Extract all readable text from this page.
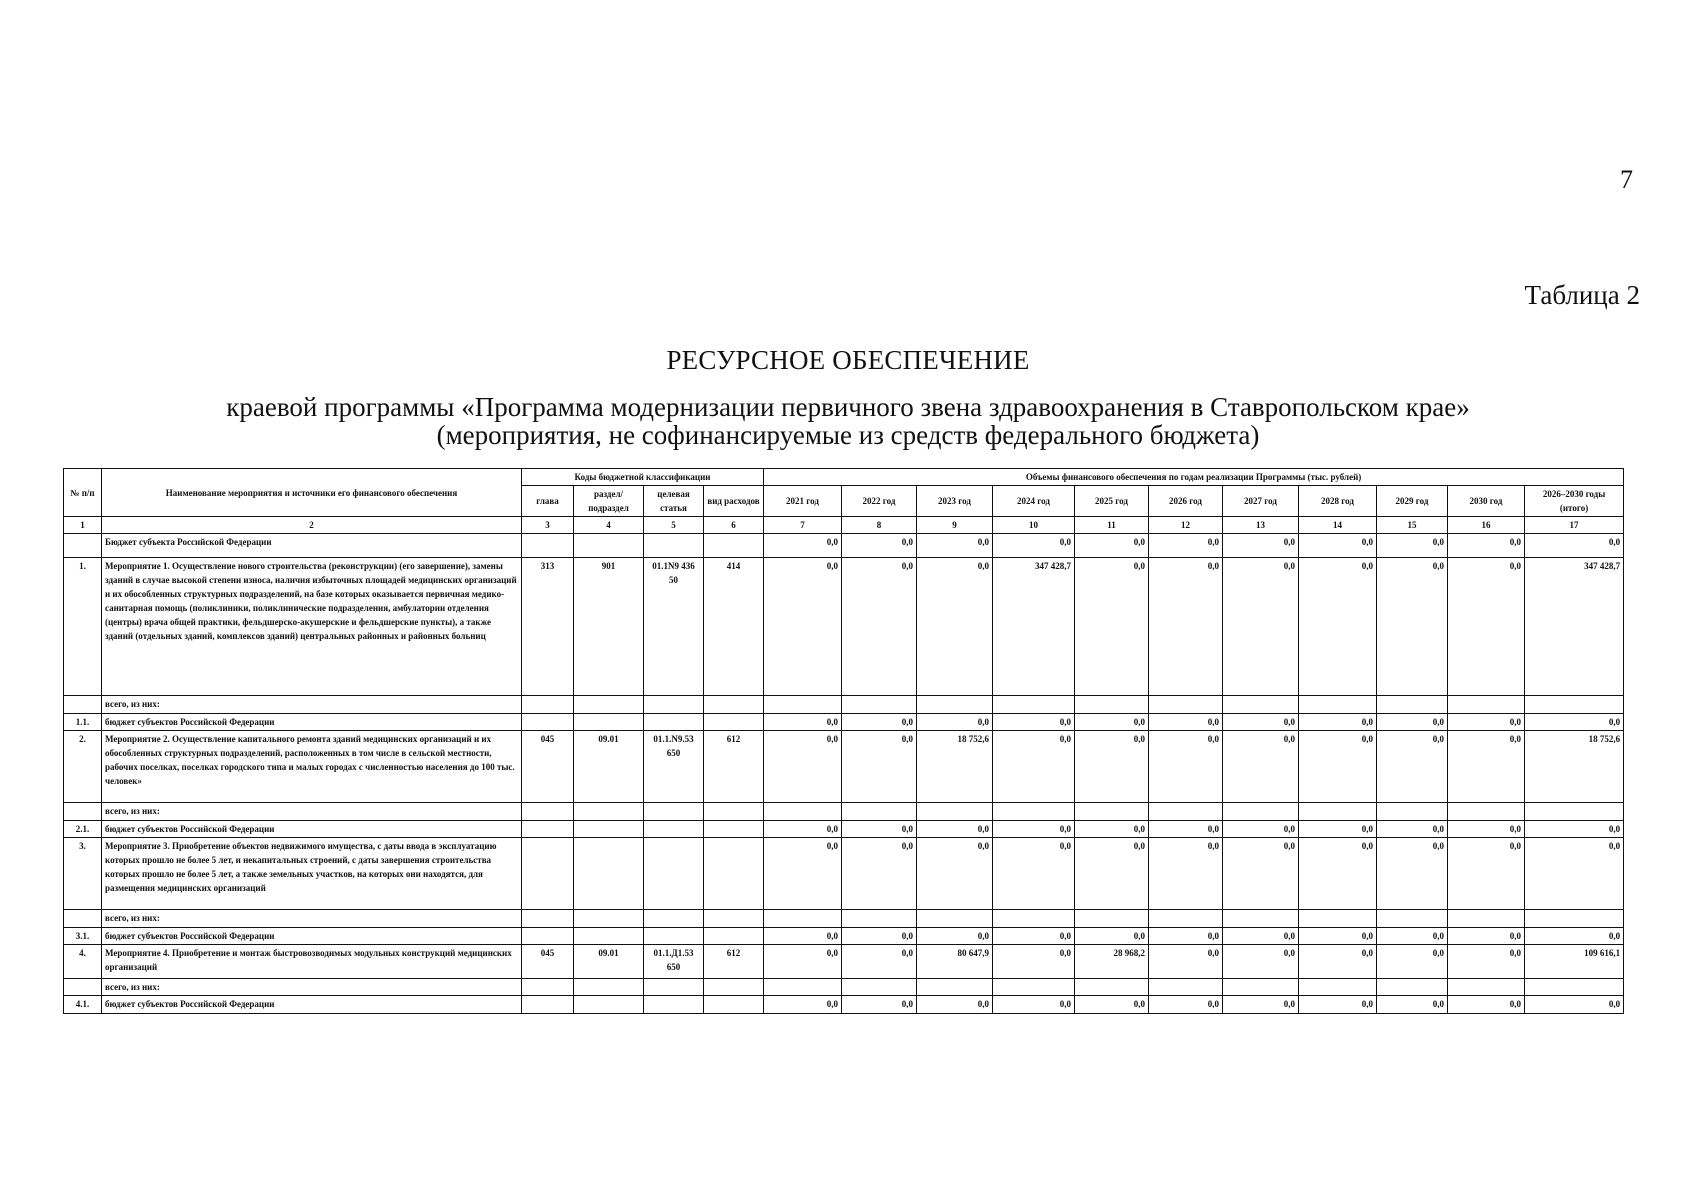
7
Таблица 2
РЕСУРСНОЕ ОБЕСПЕЧЕНИЕ
краевой программы «Программа модернизации первичного звена здравоохранения в Ставропольском крае»
(мероприятия, не софинансируемые из средств федерального бюджета)
№ п/п	Наименование мероприятия и источники его финансового обеспечения	Коды бюджетной классификации				Объемы финансового обеспечения по годам реализации Программы (тыс. рублей)										
		глава	раздел/ подраздел	целевая статья	вид расходов	2021 год	2022 год	2023 год	2024 год	2025 год	2026 год	2027 год	2028 год	2029 год	2030 год	2026–2030 годы (итого)
1	2	3	4	5	6	7	8	9	10	11	12	13	14	15	16	17
	Бюджет субъекта Российской Федерации					0,0	0,0	0,0	0,0	0,0	0,0	0,0	0,0	0,0	0,0	0,0
1.	Мероприятие 1. Осуществление нового строительства (реконструкции) (его завершение), замены зданий в случае высокой степени износа, наличия избыточных площадей медицинских организаций и их обособленных структурных подразделений, на базе которых оказывается первичная медико-санитарная помощь (поликлиники, поликлинические подразделения, амбулатории отделения (центры) врача общей практики, фельдшерско-акушерские и фельдшерские пункты), а также зданий (отдельных зданий, комплексов зданий) центральных районных и районных больниц	313	901	01.1N9 436 50	414	0,0	0,0	0,0	347 428,7	0,0	0,0	0,0	0,0	0,0	0,0	347 428,7
	всего, из них:															
1.1.	бюджет субъектов Российской Федерации					0,0	0,0	0,0	0,0	0,0	0,0	0,0	0,0	0,0	0,0	0,0
2.	Мероприятие 2. Осуществление капитального ремонта зданий медицинских организаций и их обособленных структурных подразделений, расположенных в том числе в сельской местности, рабочих поселках, поселках городского типа и малых городах с численностью населения до 100 тыс. человек»	045	09.01	01.1.N9.53 650	612	0,0	0,0	18 752,6	0,0	0,0	0,0	0,0	0,0	0,0	0,0	18 752,6
	всего, из них:															
2.1.	бюджет субъектов Российской Федерации					0,0	0,0	0,0	0,0	0,0	0,0	0,0	0,0	0,0	0,0	0,0
3.	Мероприятие 3. Приобретение объектов недвижимого имущества, с даты ввода в эксплуатацию которых прошло не более 5 лет, и некапитальных строений, с даты завершения строительства которых прошло не более 5 лет, а также земельных участков, на которых они находятся, для размещения медицинских организаций					0,0	0,0	0,0	0,0	0,0	0,0	0,0	0,0	0,0	0,0	0,0
	всего, из них:															
3.1.	бюджет субъектов Российской Федерации					0,0	0,0	0,0	0,0	0,0	0,0	0,0	0,0	0,0	0,0	0,0
4.	Мероприятие 4. Приобретение и монтаж быстровозводимых модульных конструкций медицинских организаций	045	09.01	01.1.Д1.53 650	612	0,0	0,0	80 647,9	0,0	28 968,2	0,0	0,0	0,0	0,0	0,0	109 616,1
	всего, из них:															
4.1.	бюджет субъектов Российской Федерации					0,0	0,0	0,0	0,0	0,0	0,0	0,0	0,0	0,0	0,0	0,0
